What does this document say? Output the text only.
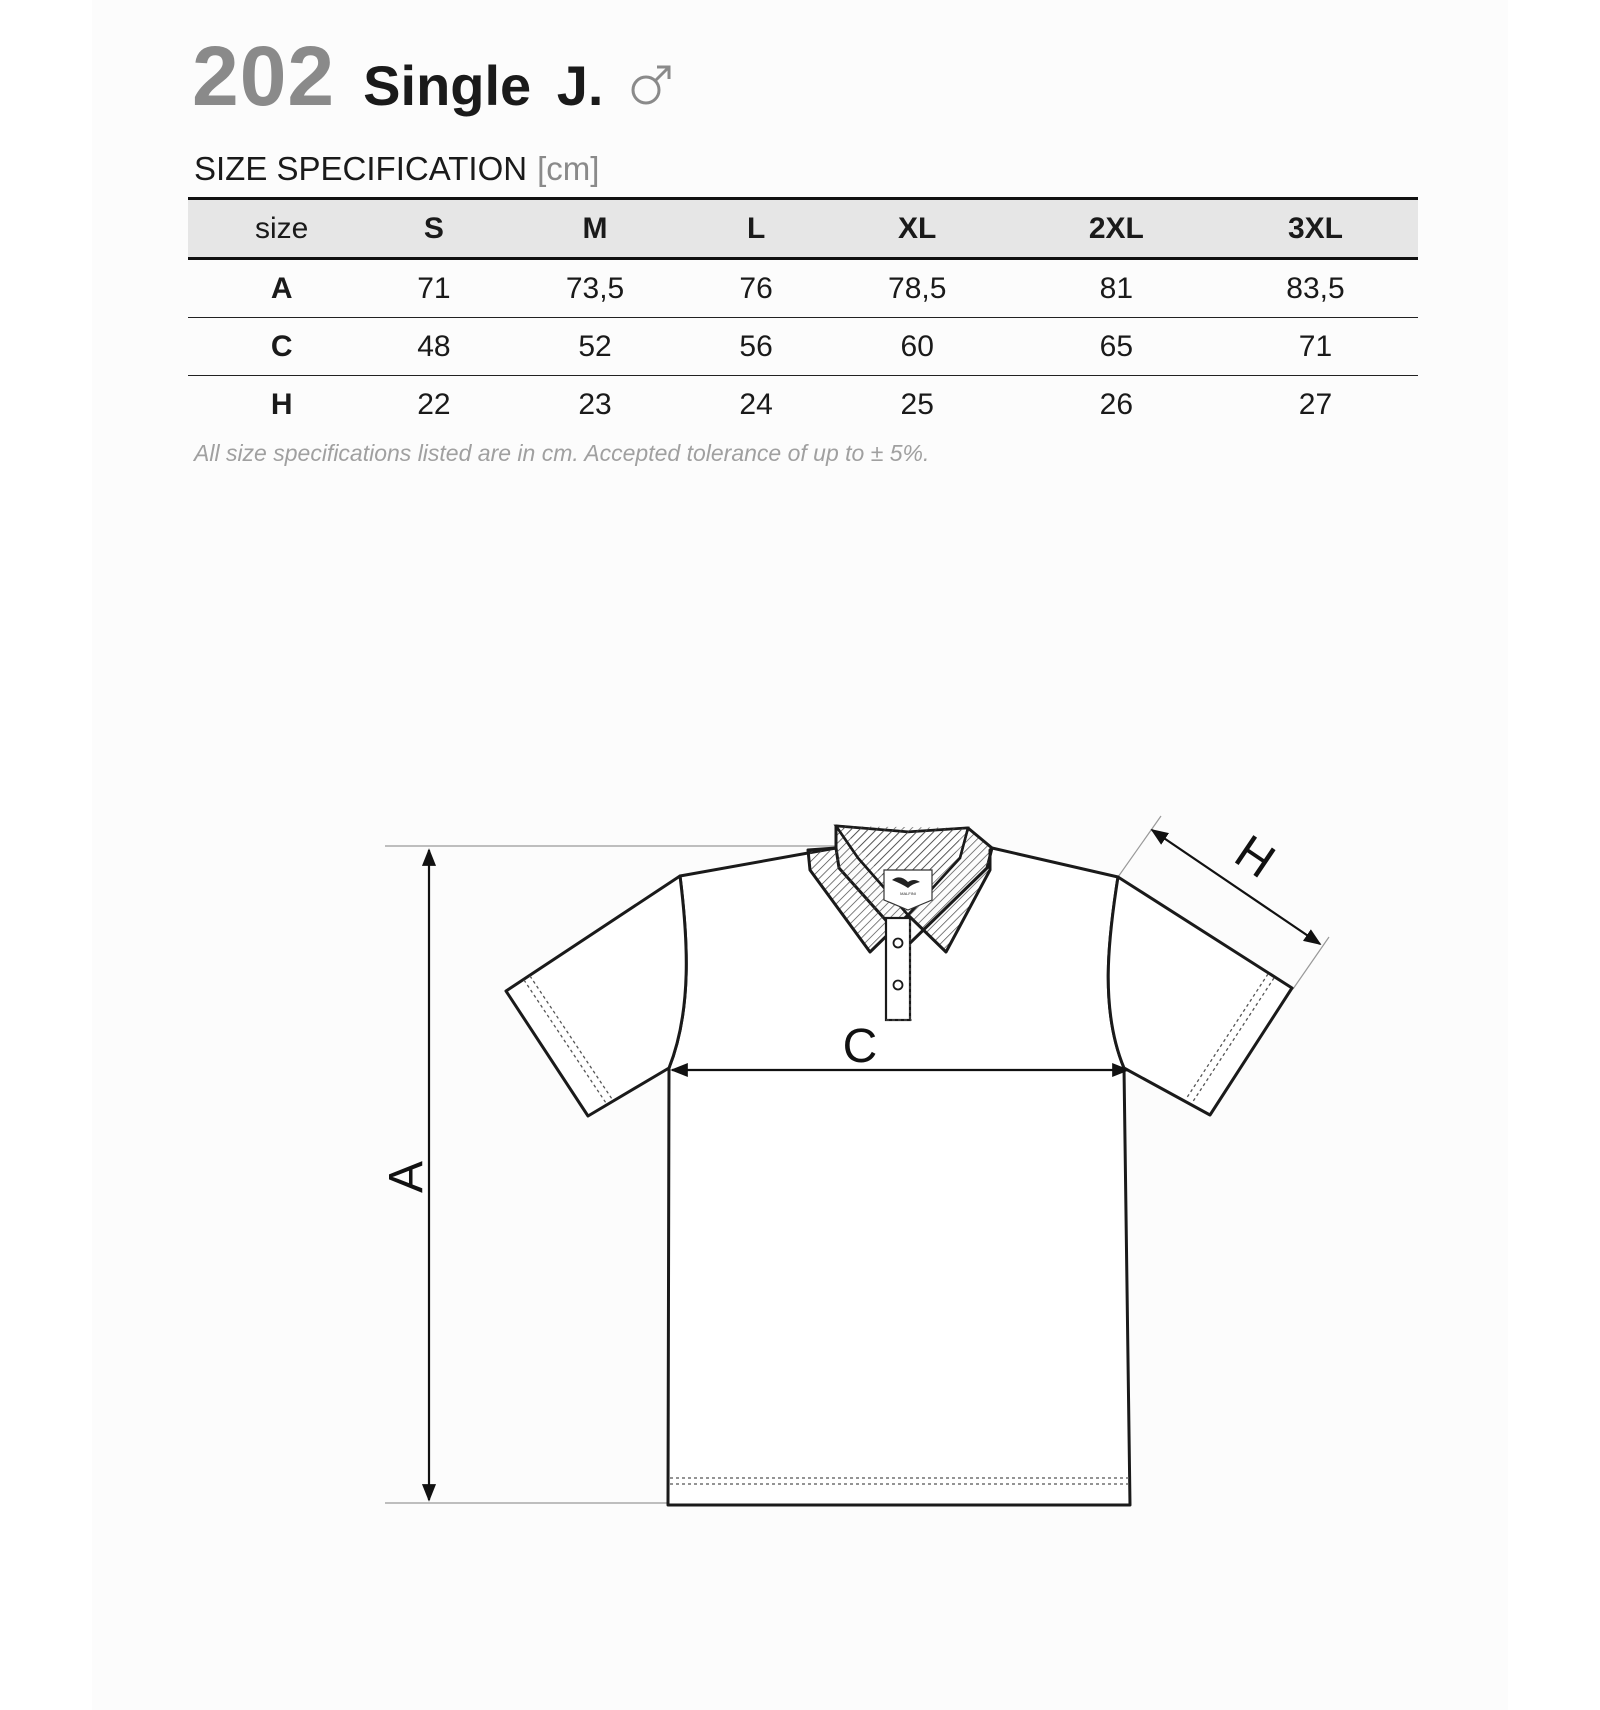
202 Single J.
SIZE SPECIFICATION [cm]
size	S	M	L	XL	2XL	3XL
A	71	73,5	76	78,5	81	83,5
C	48	52	56	60	65	71
H	22	23	24	25	26	27
All size specifications listed are in cm. Accepted tolerance of up to ± 5%.
MALFINI
A
C
H
